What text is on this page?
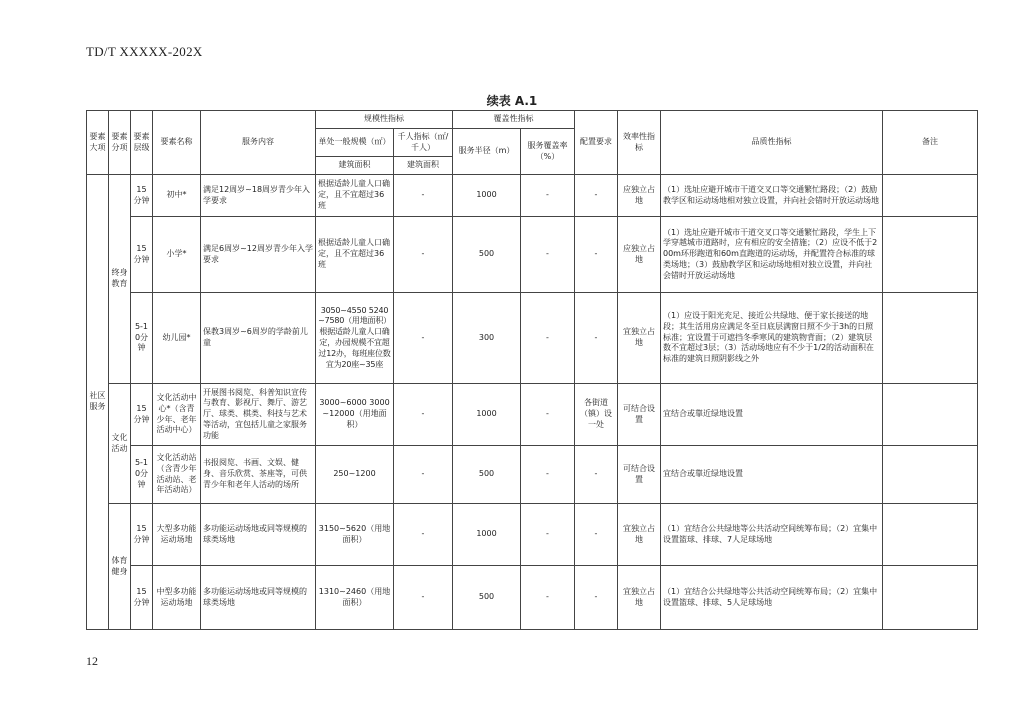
TD/T XXXXX-202X
续表 A.1
要素大项	要素分项	要素层级	要素名称	服务内容	规模性指标		覆盖性指标		配置要求	效率性指标	品质性指标	备注
					单处一般规模（㎡）	千人指标（㎡/千人）	服务半径（m）	服务覆盖率（%）				
					建筑面积	建筑面积						
社区服务	终身教育	15分钟	初中*	满足12周岁~18周岁青少年入学要求	根据适龄儿童人口确定，且不宜超过36班	-	1000	-	-	应独立占地	（1）选址应避开城市干道交叉口等交通繁忙路段；（2）鼓励教学区和运动场地相对独立设置，并向社会错时开放运动场地	
		15分钟	小学*	满足6周岁~12周岁青少年入学要求	根据适龄儿童人口确定，且不宜超过36班	-	500	-	-	应独立占地	（1）选址应避开城市干道交叉口等交通繁忙路段，学生上下学穿越城市道路时，应有相应的安全措施；（2）应设不低于200m环形跑道和60m直跑道的运动场，并配置符合标准的球类场地；（3）鼓励教学区和运动场地相对独立设置，并向社会错时开放运动场地	
		5-10分钟	幼儿园*	保教3周岁~6周岁的学龄前儿童	3050~4550 5240~7580（用地面积）根据适龄儿童人口确定，办园规模不宜超过12办，每班座位数宜为20座~35座	-	300	-	-	宜独立占地	（1）应设于阳光充足、接近公共绿地、便于家长接送的地段；其生活用房应满足冬至日底层满窗日照不少于3h的日照标准；宜设置于可遮挡冬季寒风的建筑物背面；（2）建筑层数不宜超过3层；（3）活动场地应有不少于1/2的活动面积在标准的建筑日照阴影线之外	
	文化活动	15分钟	文化活动中心*（含青少年、老年活动中心）	开展图书阅览、科普知识宣传与教育、影视厅、舞厅、游艺厅、球类、棋类、科技与艺术等活动，宜包括儿童之家服务功能	3000~6000 3000~12000（用地面积）	-	1000	-	各街道（镇）设一处	可结合设置	宜结合或靠近绿地设置	
		5-10分钟	文化活动站（含青少年活动站、老年活动站）	书报阅览、书画、文娱、健身、音乐欣赏、茶座等，可供青少年和老年人活动的场所	250~1200	-	500	-	-	可结合设置	宜结合或靠近绿地设置	
	体育健身	15分钟	大型多功能运动场地	多功能运动场地或同等规模的球类场地	3150~5620（用地面积）	-	1000	-	-	宜独立占地	（1）宜结合公共绿地等公共活动空间统筹布局；（2）宜集中设置篮球、排球、7人足球场地	
		15分钟	中型多功能运动场地	多功能运动场地或同等规模的球类场地	1310~2460（用地面积）	-	500	-	-	宜独立占地	（1）宜结合公共绿地等公共活动空间统筹布局；（2）宜集中设置篮球、排球、5人足球场地	
12
